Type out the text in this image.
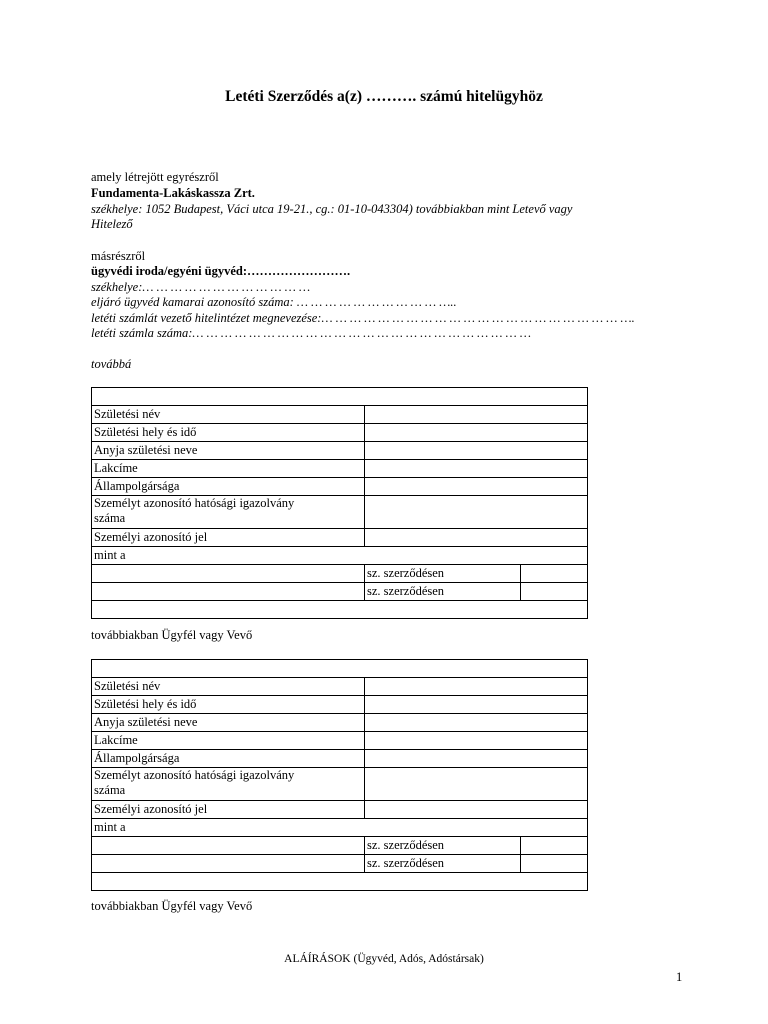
Letéti Szerződés a(z) ………. számú hitelügyhöz
amely létrejött egyrészről
Fundamenta-Lakáskassza Zrt.
székhelye: 1052 Budapest, Váci utca 19-21., cg.: 01-10-043304) továbbiakban mint Letevő vagy
Hitelező
másrészről
ügyvédi iroda/egyéni ügyvéd:…………………….
székhelye:… … … … … … … … … … … …
eljáró ügyvéd kamarai azonosító száma: … … … … … … … … … … …..
letéti számlát vezető hitelintézet megnevezése:… … … … … … … … … … … … … … … … … … … … … ….
letéti számla száma:… … … … … … … … … … … … … … … … … … … … … … … …
továbbá

Születési név		
Születési hely és idő		
Anyja születési neve		
Lakcíme		
Állampolgársága		
Személyt azonosító hatósági igazolvány
száma		
Személyi azonosító jel		
mint a		
	sz. szerződésen	
	sz. szerződésen	

továbbiakban Ügyfél vagy Vevő

Születési név		
Születési hely és idő		
Anyja születési neve		
Lakcíme		
Állampolgársága		
Személyt azonosító hatósági igazolvány
száma		
Személyi azonosító jel		
mint a		
	sz. szerződésen	
	sz. szerződésen	

továbbiakban Ügyfél vagy Vevő
ALÁÍRÁSOK (Ügyvéd, Adós, Adóstársak)
1
